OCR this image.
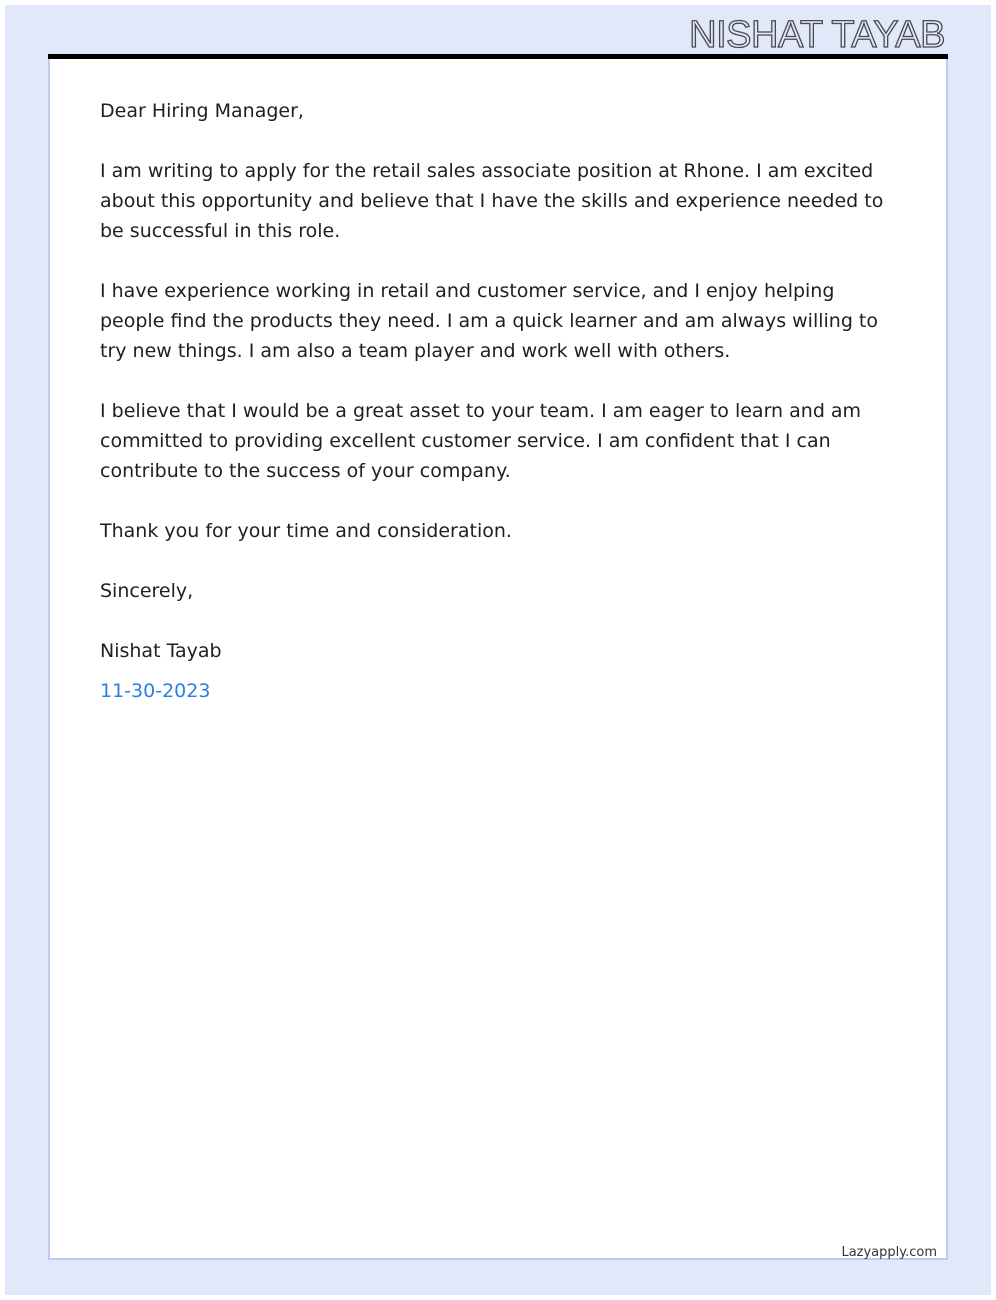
NISHAT TAYAB

Dear Hiring Manager,

I am writing to apply for the retail sales associate position at Rhone. I am excited about this opportunity and believe that I have the skills and experience needed to be successful in this role.

I have experience working in retail and customer service, and I enjoy helping people find the products they need. I am a quick learner and am always willing to try new things. I am also a team player and work well with others.

I believe that I would be a great asset to your team. I am eager to learn and am committed to providing excellent customer service. I am confident that I can contribute to the success of your company.

Thank you for your time and consideration.

Sincerely,

Nishat Tayab

11-30-2023

Lazyapply.com
